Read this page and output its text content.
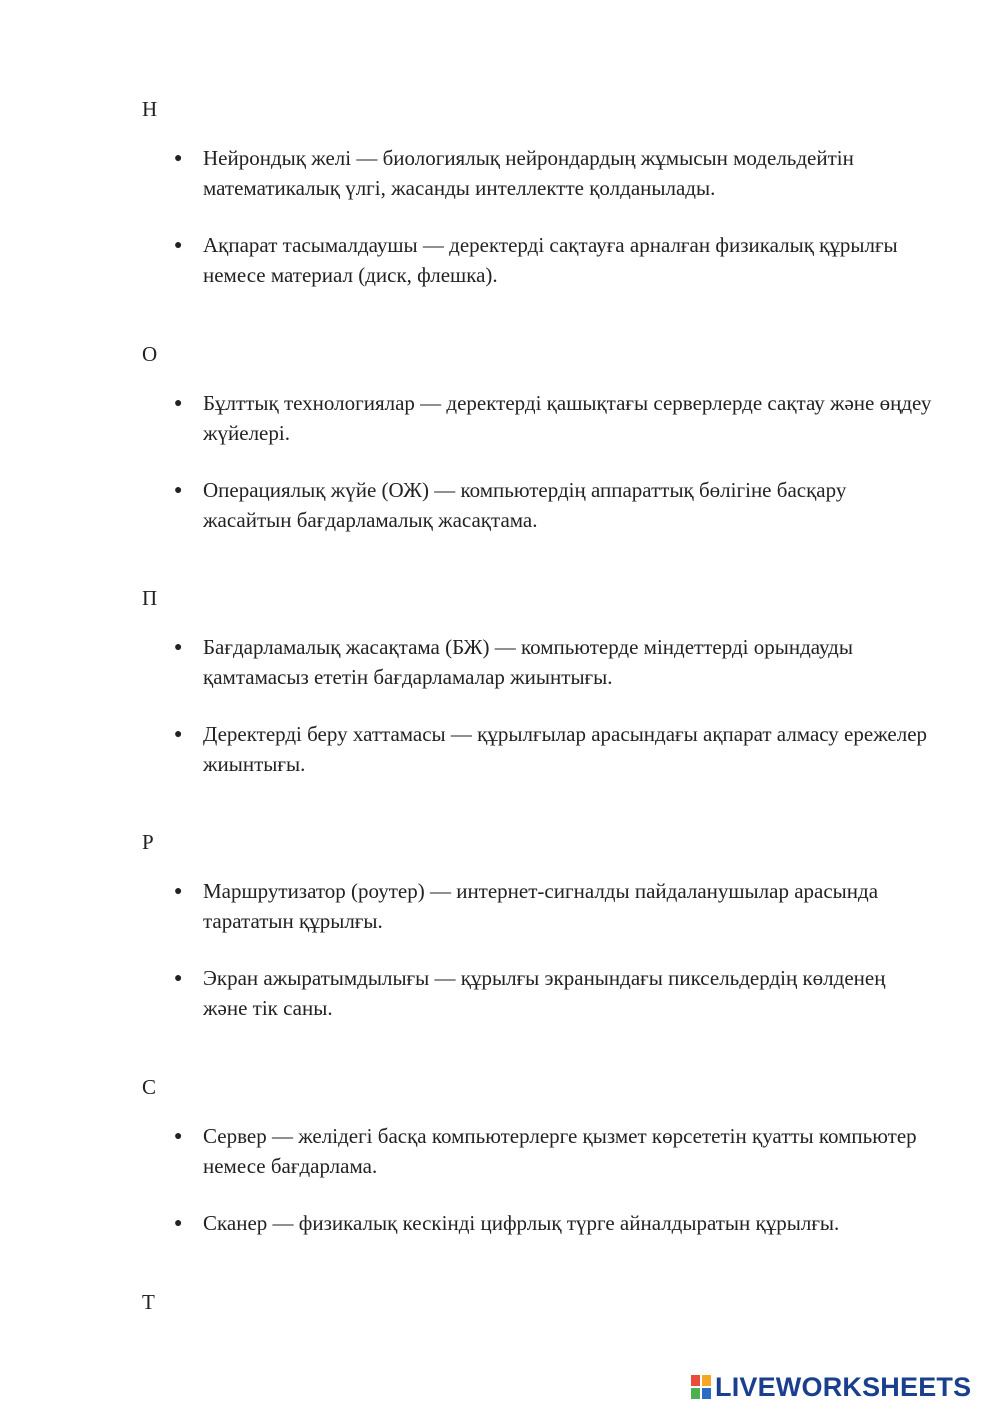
Н
● Нейрондық желі — биологиялық нейрондардың жұмысын модельдейтін математикалық үлгі, жасанды интеллектте қолданылады.
● Ақпарат тасымалдаушы — деректерді сақтауға арналған физикалық құрылғы немесе материал (диск, флешка).
О
● Бұлттық технологиялар — деректерді қашықтағы серверлерде сақтау және өңдеу жүйелері.
● Операциялық жүйе (ОЖ) — компьютердің аппараттық бөлігіне басқару жасайтын бағдарламалық жасақтама.
П
● Бағдарламалық жасақтама (БЖ) — компьютерде міндеттерді орындауды қамтамасыз ететін бағдарламалар жиынтығы.
● Деректерді беру хаттамасы — құрылғылар арасындағы ақпарат алмасу ережелер жиынтығы.
Р
● Маршрутизатор (роутер) — интернет-сигналды пайдаланушылар арасында тарататын құрылғы.
● Экран ажыратымдылығы — құрылғы экранындағы пиксельдердің көлденең және тік саны.
С
● Сервер — желідегі басқа компьютерлерге қызмет көрсететін қуатты компьютер немесе бағдарлама.
● Сканер — физикалық кескінді цифрлық түрге айналдыратын құрылғы.
Т
LIVEWORKSHEETS
